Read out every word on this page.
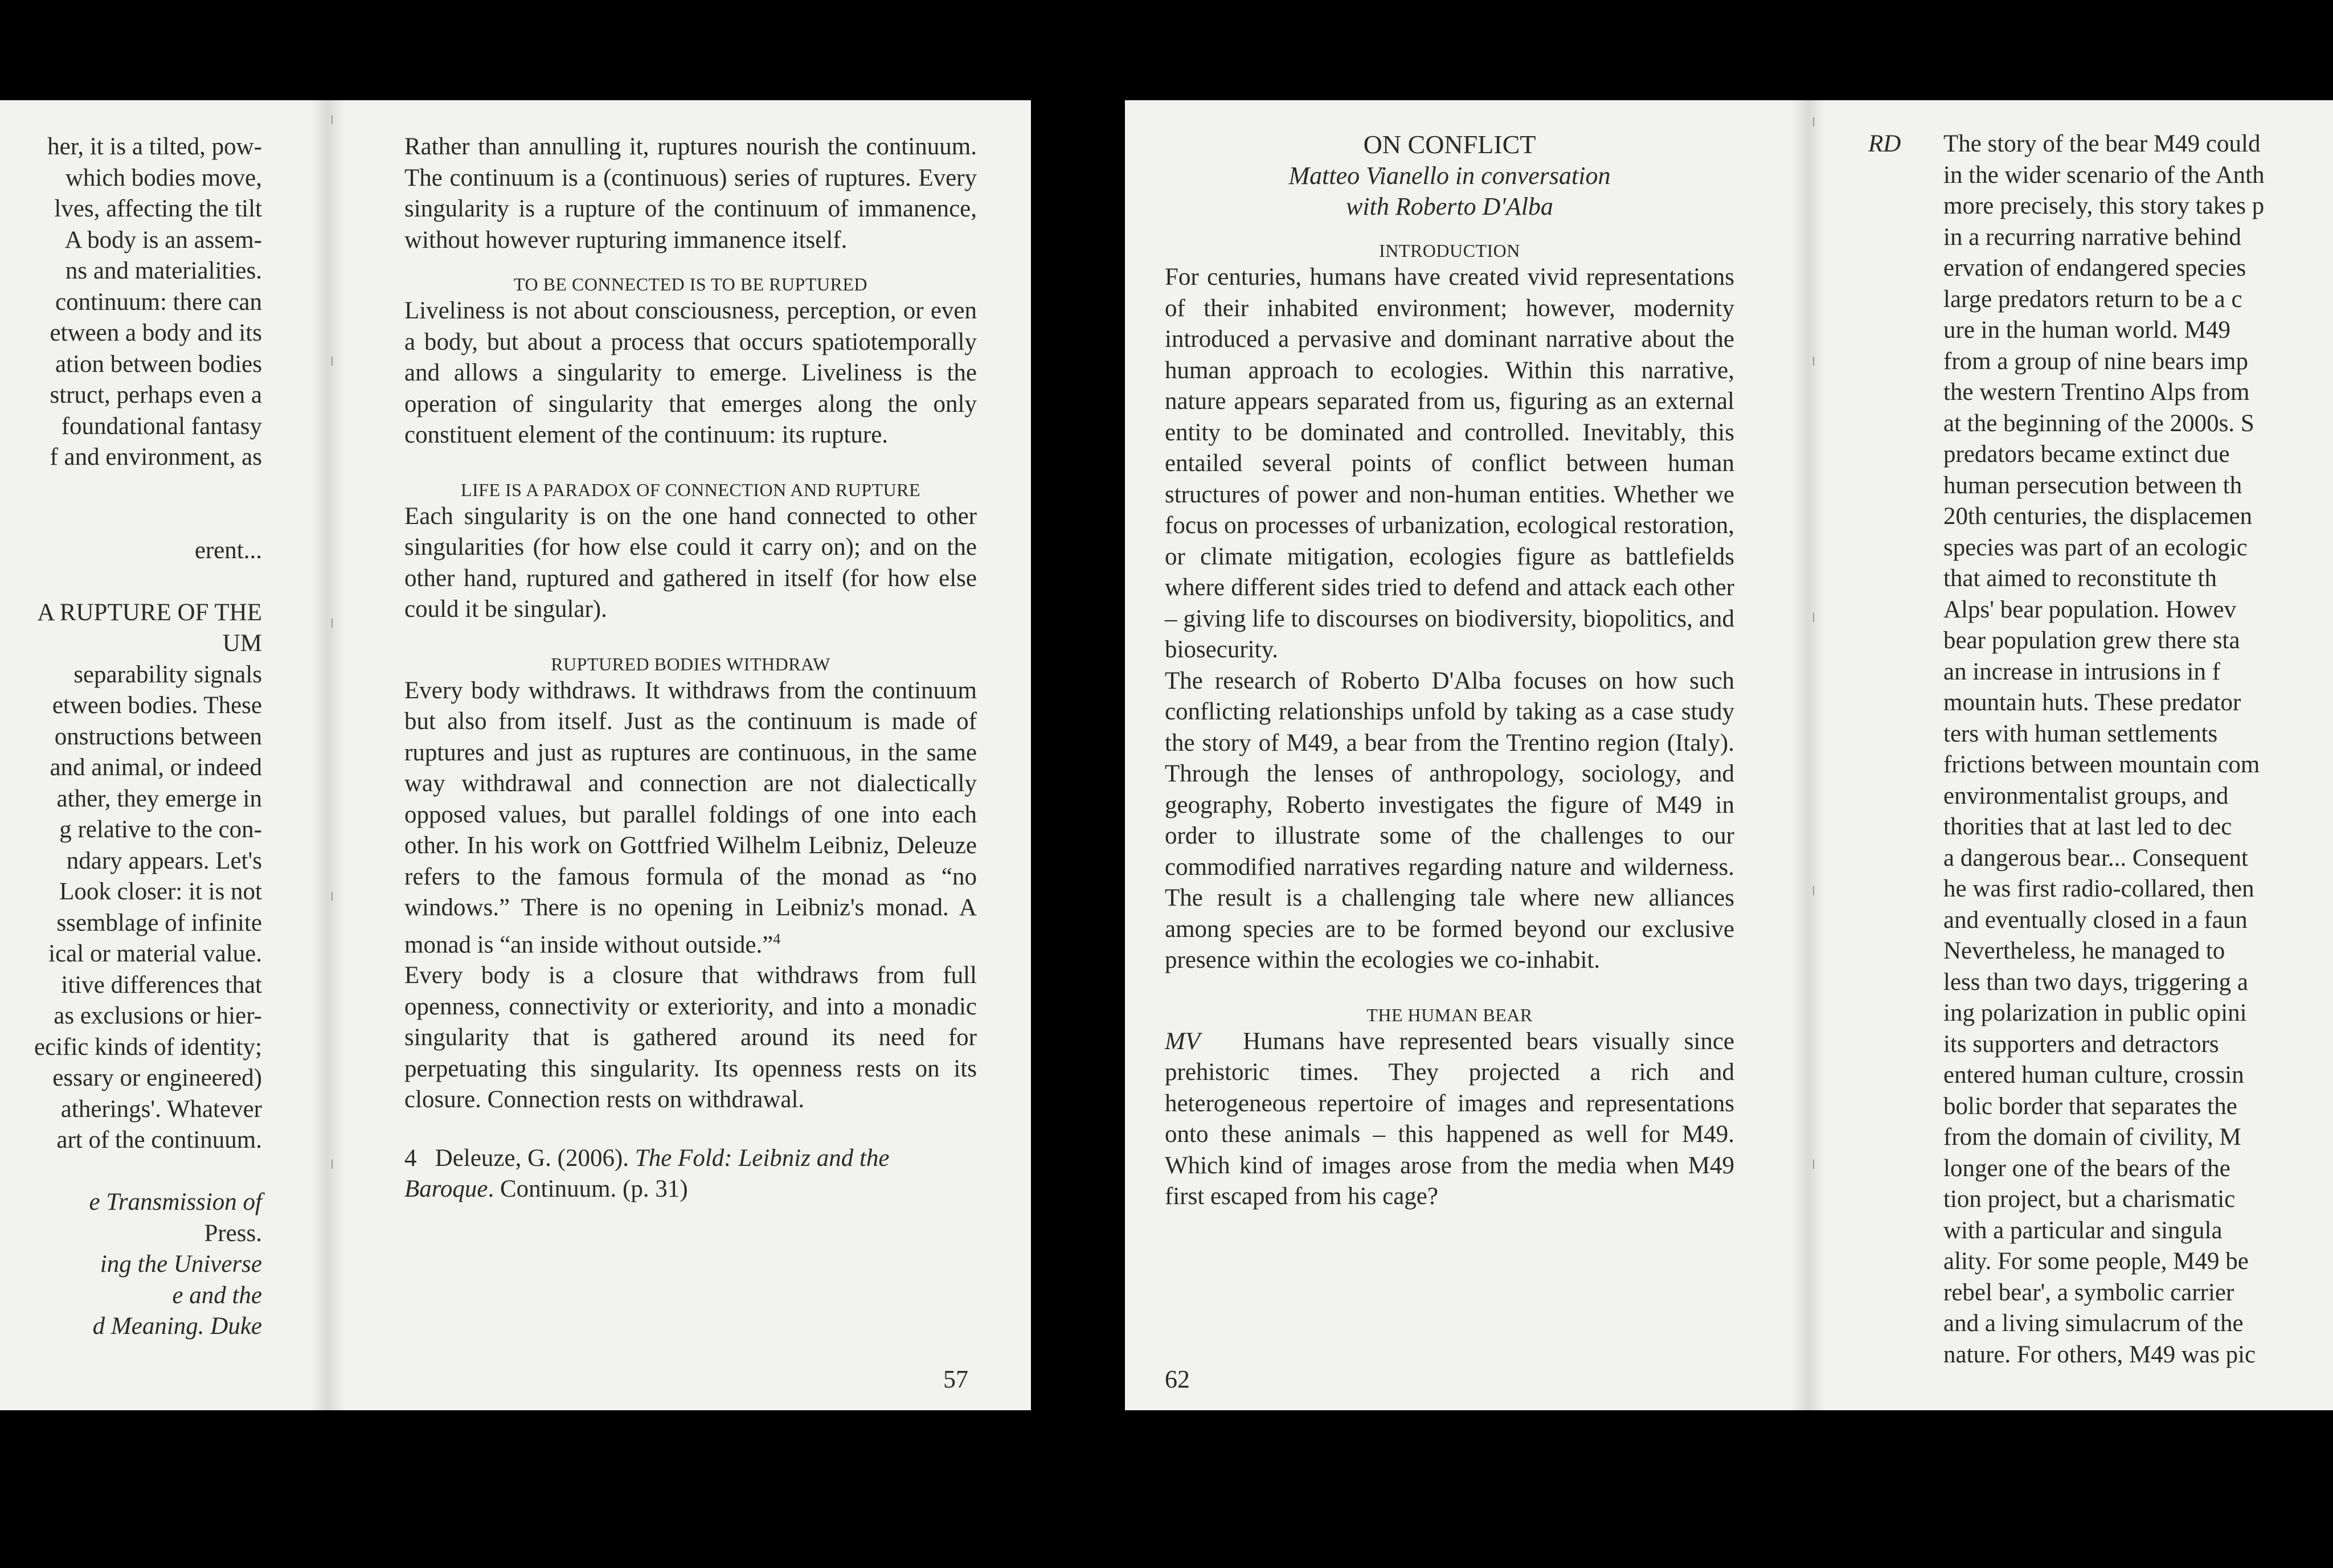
her, it is a tilted, pow-
which bodies move,
lves, affecting the tilt
A body is an assem-
ns and materialities.
continuum: there can
etween a body and its
ation between bodies
struct, perhaps even a
foundational fantasy
f and environment, as

erent...

A RUPTURE OF THE
UM
separability signals
etween bodies. These
onstructions between
and animal, or indeed
ather, they emerge in
g relative to the con-
ndary appears. Let's
Look closer: it is not
ssemblage of infinite
ical or material value.
itive differences that
as exclusions or hier-
ecific kinds of identity;
essary or engineered)
atherings'. Whatever
art of the continuum.

e Transmission of
Press.
ing the Universe
e and the
d Meaning. Duke

Rather than annulling it, ruptures nourish the continuum. The continuum is a (continuous) series of ruptures. Every singularity is a rupture of the continuum of immanence, without however rupturing immanence itself.

TO BE CONNECTED IS TO BE RUPTURED

Liveliness is not about consciousness, perception, or even a body, but about a process that occurs spatiotemporally and allows a singularity to emerge. Liveliness is the operation of singularity that emerges along the only constituent element of the continuum: its rupture.

LIFE IS A PARADOX OF CONNECTION AND RUPTURE

Each singularity is on the one hand connected to other singularities (for how else could it carry on); and on the other hand, ruptured and gathered in itself (for how else could it be singular).

RUPTURED BODIES WITHDRAW

Every body withdraws. It withdraws from the continuum but also from itself. Just as the continuum is made of ruptures and just as ruptures are continuous, in the same way withdrawal and connection are not dialectically opposed values, but parallel foldings of one into each other. In his work on Gottfried Wilhelm Leibniz, Deleuze refers to the famous formula of the monad as “no windows.” There is no opening in Leibniz's monad. A monad is “an inside without outside.”$^4$

Every body is a closure that withdraws from full openness, connectivity or exteriority, and into a monadic singularity that is gathered around its need for perpetuating this singularity. Its openness rests on its closure. Connection rests on withdrawal.

4 Deleuze, G. (2006). The Fold: Leibniz and the Baroque. Continuum. (p. 31)

57
ON CONFLICT
Matteo Vianello in conversation
with Roberto D'Alba
INTRODUCTION

For centuries, humans have created vivid representations of their inhabited environment; however, modernity introduced a pervasive and dominant narrative about the human approach to ecologies. Within this narrative, nature appears separated from us, figuring as an external entity to be dominated and controlled. Inevitably, this entailed several points of conflict between human structures of power and non-human entities. Whether we focus on processes of urbanization, ecological restoration, or climate mitigation, ecologies figure as battlefields where different sides tried to defend and attack each other – giving life to discourses on biodiversity, biopolitics, and biosecurity.

The research of Roberto D'Alba focuses on how such conflicting relationships unfold by taking as a case study the story of M49, a bear from the Trentino region (Italy). Through the lenses of anthropology, sociology, and geography, Roberto investigates the figure of M49 in order to illustrate some of the challenges to our commodified narratives regarding nature and wilderness. The result is a challenging tale where new alliances among species are to be formed beyond our exclusive presence within the ecologies we co-inhabit.

THE HUMAN BEAR

MV Humans have represented bears visually since prehistoric times. They projected a rich and heterogeneous repertoire of images and representations onto these animals – this happened as well for M49. Which kind of images arose from the media when M49 first escaped from his cage?

62
RD	The story of the bear M49 could
in the wider scenario of the Anth
more precisely, this story takes p
in a recurring narrative behind
ervation of endangered species
large predators return to be a c
ure in the human world. M49
from a group of nine bears imp
the western Trentino Alps from
at the beginning of the 2000s. S
predators became extinct due
human persecution between th
20th centuries, the displacemen
species was part of an ecologic
that aimed to reconstitute th
Alps' bear population. Howev
bear population grew there sta
an increase in intrusions in f
mountain huts. These predator
ters with human settlements
frictions between mountain com
environmentalist groups, and
thorities that at last led to dec
a dangerous bear... Consequent
he was first radio-collared, then
and eventually closed in a faun
Nevertheless, he managed to
less than two days, triggering a
ing polarization in public opini
its supporters and detractors
entered human culture, crossin
bolic border that separates the
from the domain of civility, M
longer one of the bears of the
tion project, but a charismatic
with a particular and singula
ality. For some people, M49 be
rebel bear', a symbolic carrier
and a living simulacrum of the
nature. For others, M49 was pic
